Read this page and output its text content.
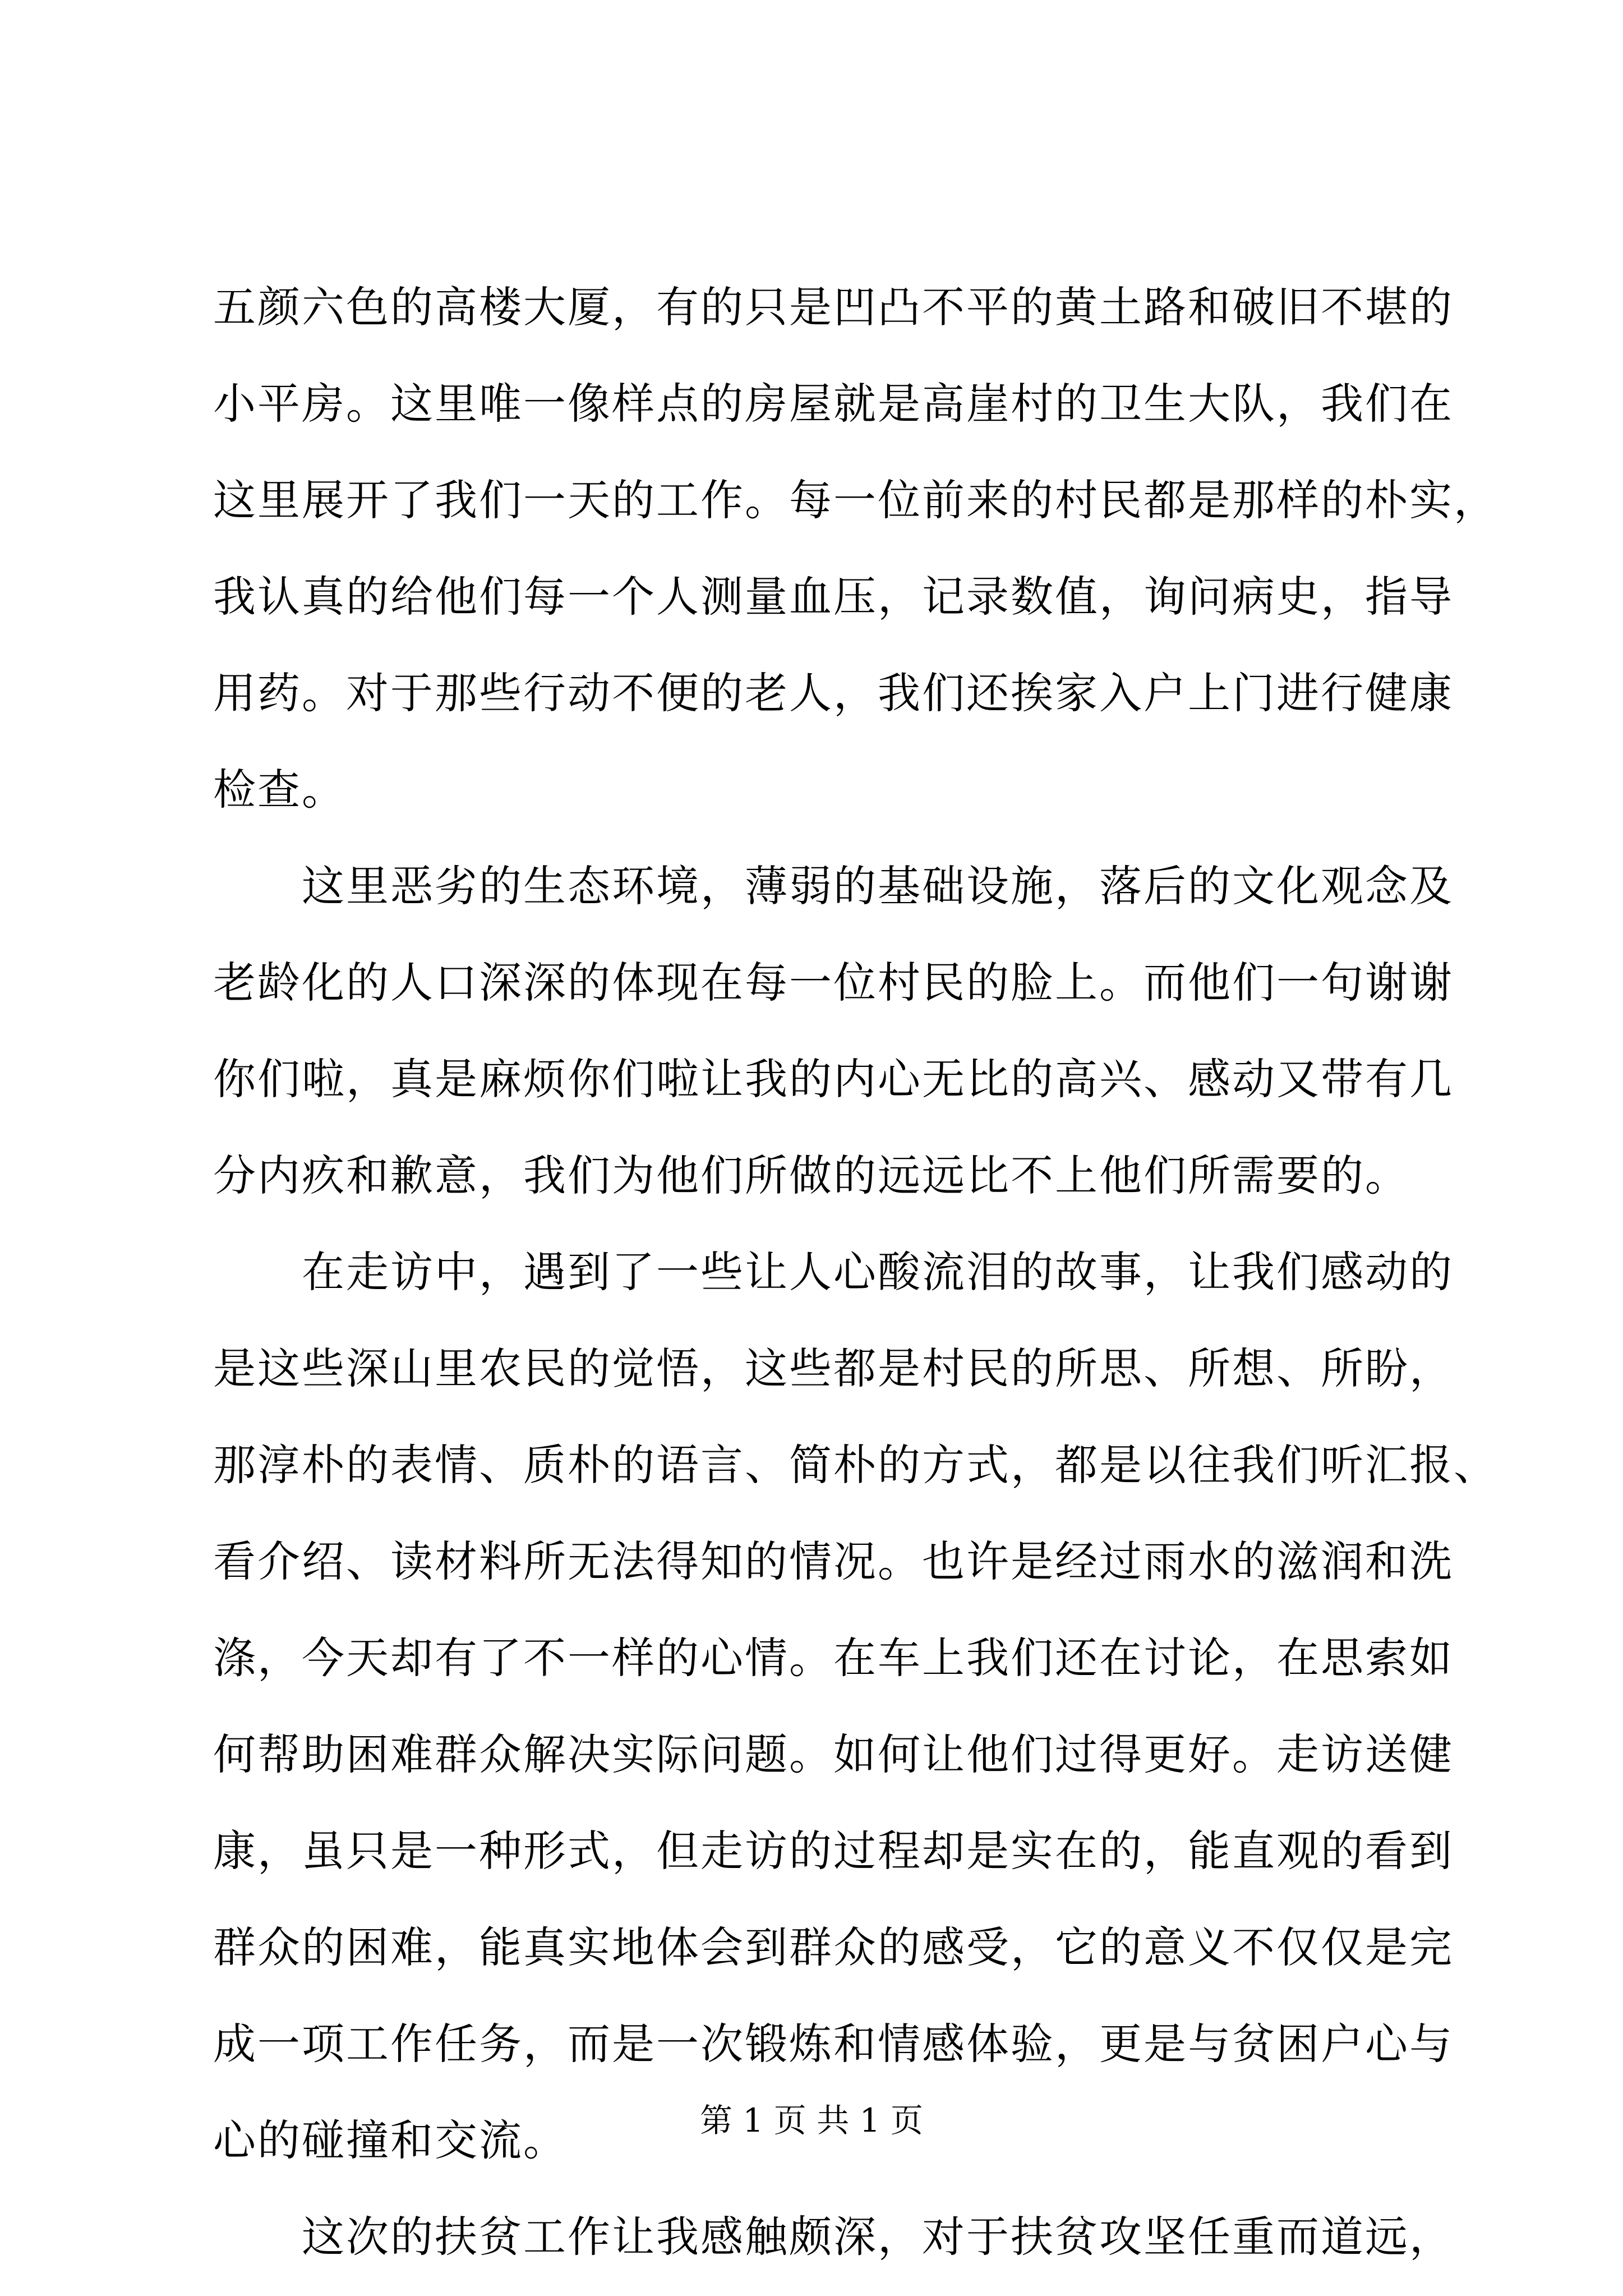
五颜六色的高楼大厦，有的只是凹凸不平的黄土路和破旧不堪的
小平房。这里唯一像样点的房屋就是高崖村的卫生大队，我们在
这里展开了我们一天的工作。每一位前来的村民都是那样的朴实，
我认真的给他们每一个人测量血压，记录数值，询问病史，指导
用药。对于那些行动不便的老人，我们还挨家入户上门进行健康
检查。
　　这里恶劣的生态环境，薄弱的基础设施，落后的文化观念及
老龄化的人口深深的体现在每一位村民的脸上。而他们一句谢谢
你们啦，真是麻烦你们啦让我的内心无比的高兴、感动又带有几
分内疚和歉意，我们为他们所做的远远比不上他们所需要的。
　　在走访中，遇到了一些让人心酸流泪的故事，让我们感动的
是这些深山里农民的觉悟，这些都是村民的所思、所想、所盼，
那淳朴的表情、质朴的语言、简朴的方式，都是以往我们听汇报、
看介绍、读材料所无法得知的情况。也许是经过雨水的滋润和洗
涤，今天却有了不一样的心情。在车上我们还在讨论，在思索如
何帮助困难群众解决实际问题。如何让他们过得更好。走访送健
康，虽只是一种形式，但走访的过程却是实在的，能直观的看到
群众的困难，能真实地体会到群众的感受，它的意义不仅仅是完
成一项工作任务，而是一次锻炼和情感体验，更是与贫困户心与
心的碰撞和交流。
　　这次的扶贫工作让我感触颇深，对于扶贫攻坚任重而道远，
第 1 页 共 1 页
